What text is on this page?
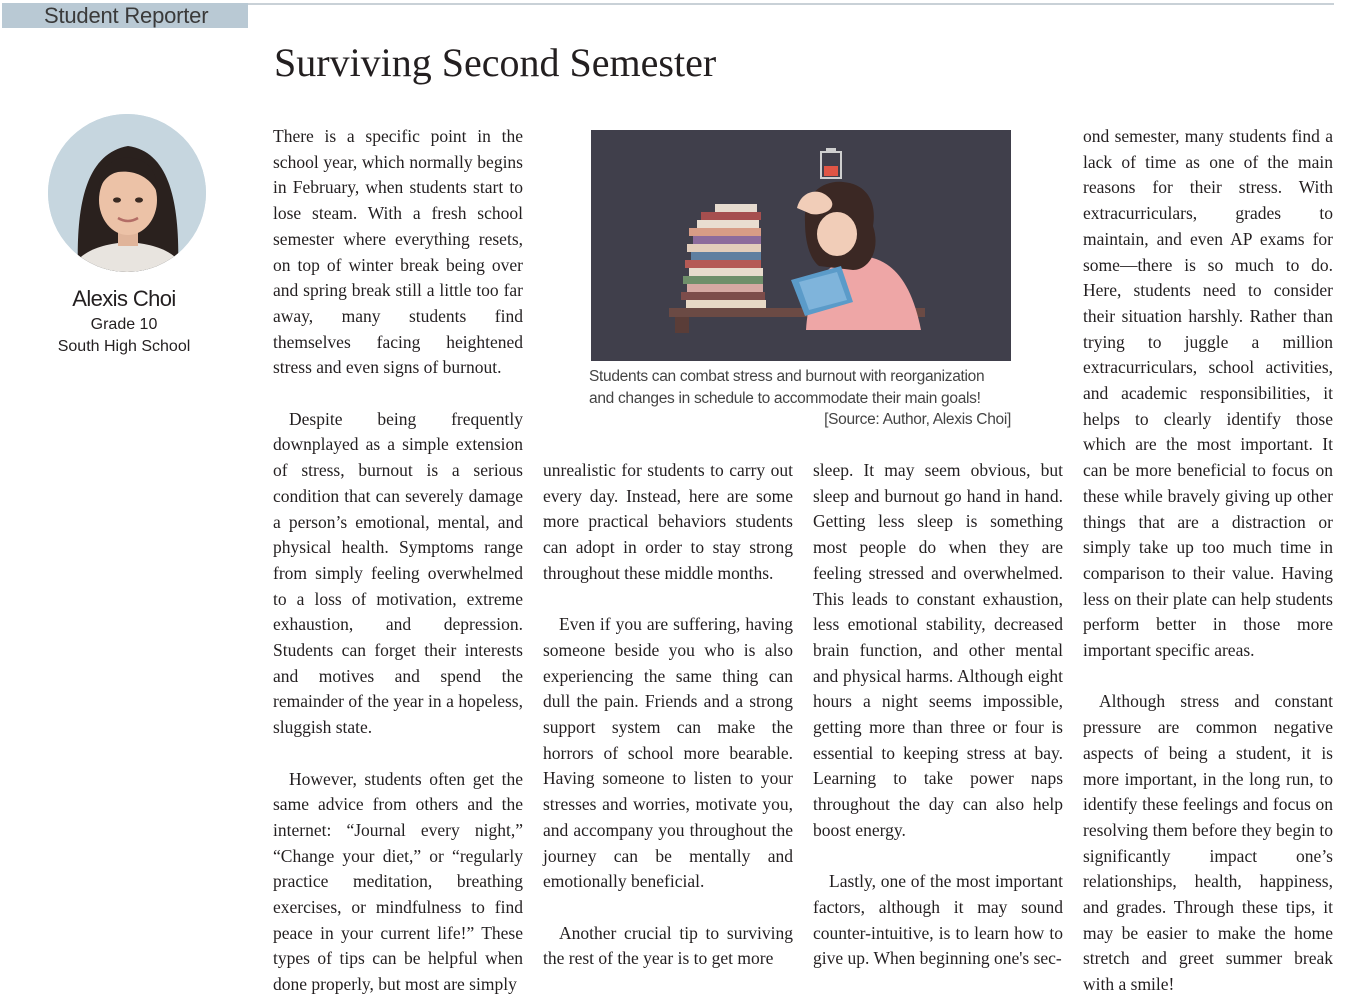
Student Reporter
Surviving Second Semester
Alexis Choi
Grade 10
South High School

There is a specific point in the school year, which normally begins in February, when students start to lose steam. With a fresh school semester where everything resets, on top of winter break being over and spring break still a little too far away, many students find themselves facing heightened stress and even signs of burnout.

Despite being frequently downplayed as a simple extension of stress, burnout is a serious condition that can severely damage a person’s emotional, mental, and physical health. Symptoms range from simply feeling overwhelmed to a loss of motivation, extreme exhaustion, and depression. Students can forget their interests and motives and spend the remainder of the year in a hopeless, sluggish state.

However, students often get the same advice from others and the internet: “Journal every night,” “Change your diet,” or “regularly practice meditation, breathing exercises, or mindfulness to find peace in your current life!” These types of tips can be helpful when done properly, but most are simply

Students can combat stress and burnout with reorganization and changes in schedule to accommodate their main goals!
[Source: Author, Alexis Choi]

unrealistic for students to carry out every day. Instead, here are some more practical behaviors students can adopt in order to stay strong throughout these middle months.

Even if you are suffering, having someone beside you who is also experiencing the same thing can dull the pain. Friends and a strong support system can make the horrors of school more bearable. Having someone to listen to your stresses and worries, motivate you, and accompany you throughout the journey can be mentally and emotionally beneficial.

Another crucial tip to surviving the rest of the year is to get more

sleep. It may seem obvious, but sleep and burnout go hand in hand. Getting less sleep is something most people do when they are feeling stressed and overwhelmed. This leads to constant exhaustion, less emotional stability, decreased brain function, and other mental and physical harms. Although eight hours a night seems impossible, getting more than three or four is essential to keeping stress at bay. Learning to take power naps throughout the day can also help boost energy.

Lastly, one of the most important factors, although it may sound counter-intuitive, is to learn how to give up. When beginning one's sec-

ond semester, many students find a lack of time as one of the main reasons for their stress. With extracurriculars, grades to maintain, and even AP exams for some—there is so much to do. Here, students need to consider their situation harshly. Rather than trying to juggle a million extracurriculars, school activities, and academic responsibilities, it helps to clearly identify those which are the most important. It can be more beneficial to focus on these while bravely giving up other things that are a distraction or simply take up too much time in comparison to their value. Having less on their plate can help students perform better in those more important specific areas.

Although stress and constant pressure are common negative aspects of being a student, it is more important, in the long run, to identify these feelings and focus on resolving them before they begin to significantly impact one’s relationships, health, happiness, and grades. Through these tips, it may be easier to make the home stretch and greet summer break with a smile!
